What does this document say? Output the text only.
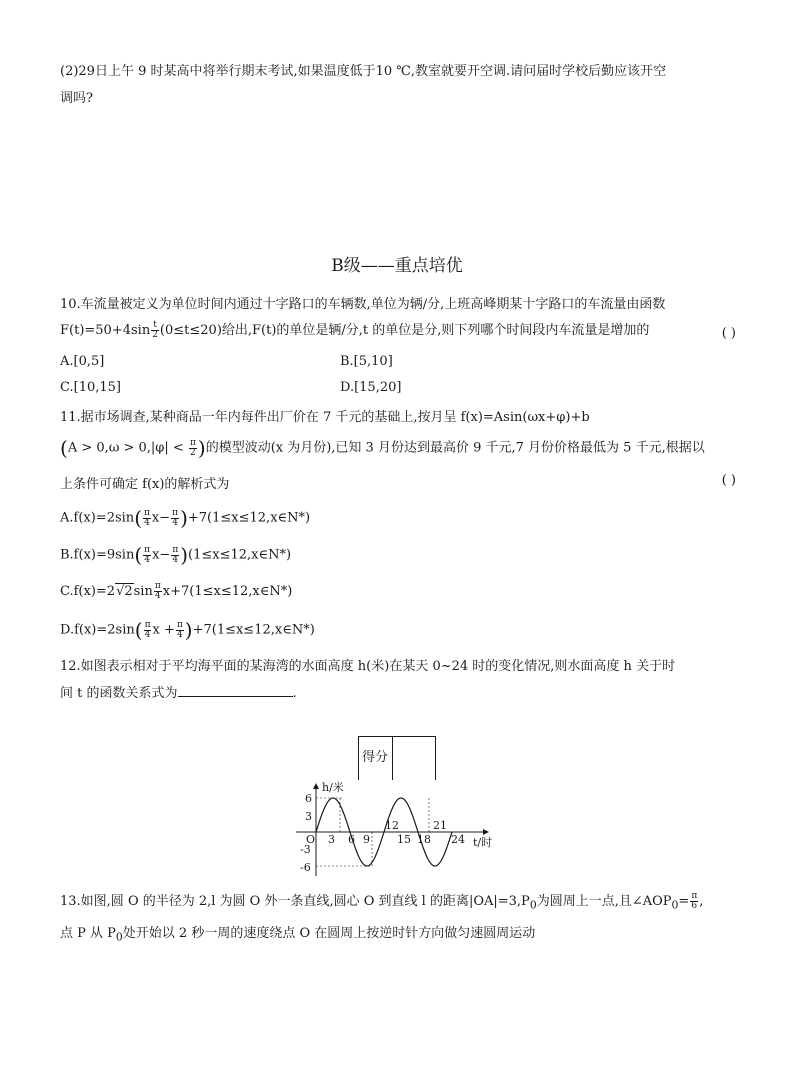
(2)29日上午 9 时某高中将举行期末考试,如果温度低于10 ℃,教室就要开空调.请问届时学校后勤应该开空
调吗?
B级——重点培优
10.车流量被定义为单位时间内通过十字路口的车辆数,单位为辆/分,上班高峰期某十字路口的车流量由函数
$F(t)=50+4\sin \frac{t}{2} (0\le t\le 20)$给出,F(t)的单位是辆/分,t 的单位是分,则下列哪个时间段内车流量是增加的	( )
A.[0,5]	B.[5,10]
C.[10,15]	D.[15,20]
11.据市场调查,某种商品一年内每件出厂价在 7 千元的基础上,按月呈 f(x)=Asin(ωx+φ)+b
($A > 0,\omega > 0,|\varphi| < \frac{\pi}{2}$ )的模型波动(x 为月份),已知 3 月份达到最高价 9 千元,7 月份价格最低为 5 千元,根据以
上条件可确定 f(x)的解析式为	( )
$A.f(x)=2\sin( \frac{\pi}{4} x- \frac{\pi}{4}$ )+7(1≤x≤12,x∈N*)
$B.f(x)=9\sin( \frac{\pi}{4} x- \frac{\pi}{4}$ )(1≤x≤12,x∈N*)
$C.f(x)=2√2\sin \frac{\pi}{4}$ x+7(1≤x≤12,x∈N*)
$D.f(x)=2\sin( \frac{\pi}{4}$ $x + \frac{\pi}{4}$ )+7(1≤x≤12,x∈N*)
12.如图表示相对于平均海平面的某海湾的水面高度 h(米)在某天 0~24 时的变化情况,则水面高度 h 关于时
间 t 的函数关系式为	.
得分
h/米
t/时
O
6
3
-3
-6
3 6 9 15 18 24
12	21
13.如图,圆 O 的半径为 2,l 为圆 O 外一条直线,圆心 O 到直线 l 的距离$|OA|=3,P_0$为圆周上一点,且$\angle AOP_0= \frac{\pi}{6}$ ,
点 P 从 $P_0$处开始以 2 秒一周的速度绕点 O 在圆周上按逆时针方向做匀速圆周运动
